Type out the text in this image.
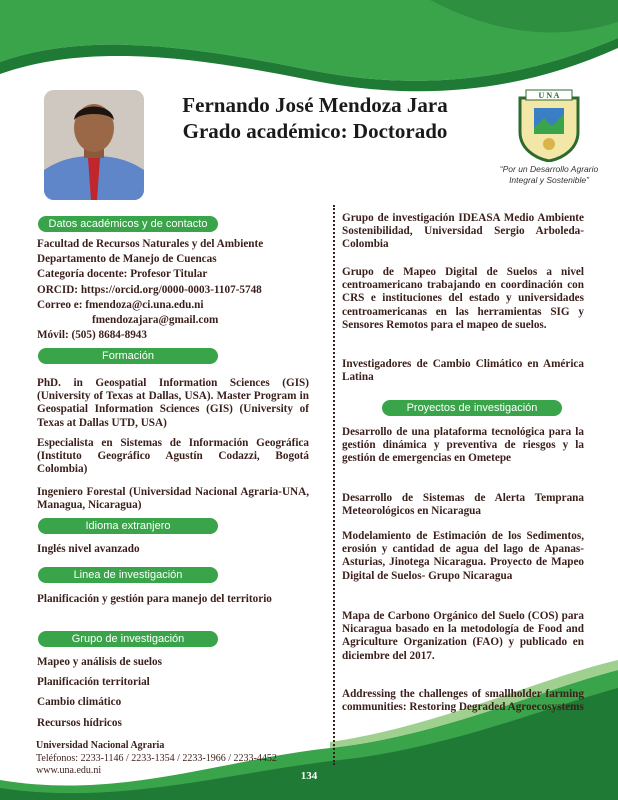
Fernando José Mendoza Jara
Grado académico: Doctorado
U N A
“Por un Desarrollo Agrario Integral y Sostenible”
Datos académicos y de contacto
Facultad de Recursos Naturales y del Ambiente
Departamento de Manejo de Cuencas
Categoría docente: Profesor Titular
ORCID: https://orcid.org/0000-0003-1107-5748
Correo e: fmendoza@ci.una.edu.ni
fmendozajara@gmail.com
Móvil: (505) 8684-8943
Formación
PhD. in Geospatial Information Sciences (GIS) (University of Texas at Dallas, USA). Master Program in Geospatial Information Sciences (GIS) (University of Texas at Dallas UTD, USA)
Especialista en Sistemas de Información Geográfica (Instituto Geográfico Agustín Codazzi, Bogotá Colombia)
Ingeniero Forestal (Universidad Nacional Agraria-UNA, Managua, Nicaragua)
Idioma extranjero
Inglés nivel avanzado
Linea de investigación
Planificación y gestión para manejo del territorio
Grupo de investigación
Mapeo y análisis de suelos
Planificación territorial
Cambio climático
Recursos hídricos
Universidad Nacional Agraria
Teléfonos: 2233-1146 / 2233-1354 / 2233-1966 / 2233-4452
www.una.edu.ni
Grupo de investigación IDEASA Medio Ambiente Sostenibilidad, Universidad Sergio Arboleda-Colombia
Grupo de Mapeo Digital de Suelos a nivel centroamericano trabajando en coordinación con CRS e instituciones del estado y universidades centroamericanas en las herramientas SIG y Sensores Remotos para el mapeo de suelos.
Investigadores de Cambio Climático en América Latina
Proyectos de investigación
Desarrollo de una plataforma tecnológica para la gestión dinámica y preventiva de riesgos y la gestión de emergencias en Ometepe
Desarrollo de Sistemas de Alerta Temprana Meteorológicos en Nicaragua
Modelamiento de Estimación de los Sedimentos, erosión y cantidad de agua del lago de Apanas-Asturias, Jinotega Nicaragua. Proyecto de Mapeo Digital de Suelos- Grupo Nicaragua
Mapa de Carbono Orgánico del Suelo (COS) para Nicaragua basado en la metodología de Food and Agriculture Organization (FAO) y publicado en diciembre del 2017.
Addressing the challenges of smallholder farming communities: Restoring Degraded Agroecosystems
134
